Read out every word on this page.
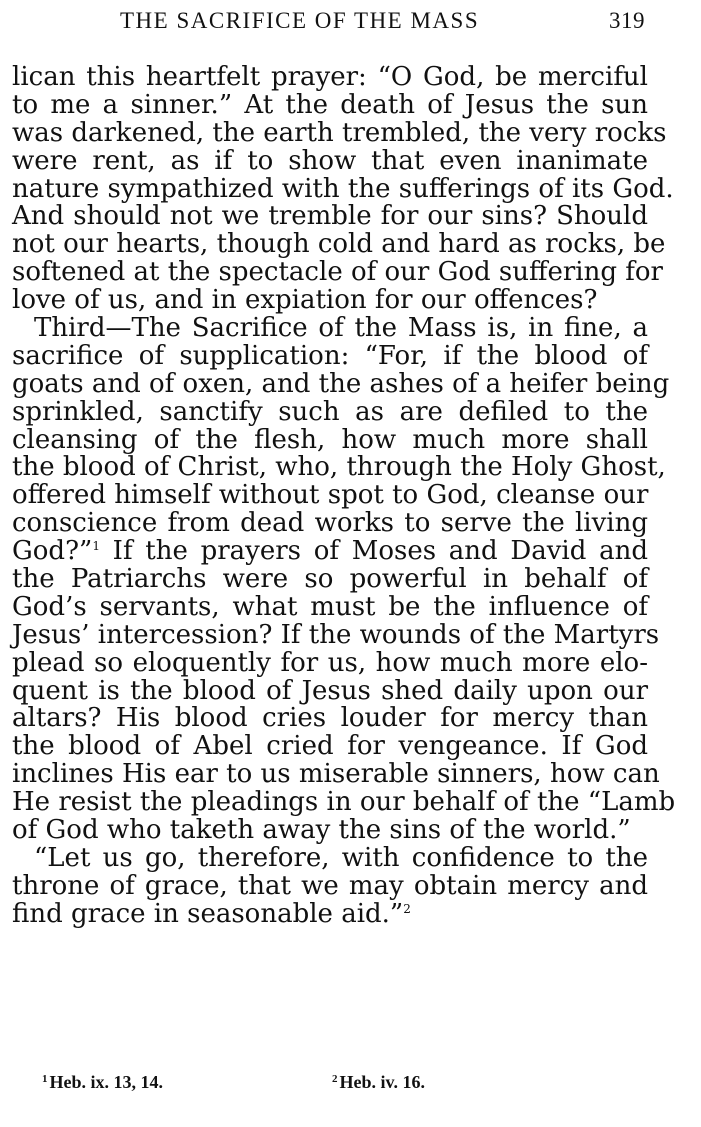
THE SACRIFICE OF THE MASS	319
lican this heartfelt prayer: “O God, be merciful
to me a sinner.” At the death of Jesus the sun
was darkened, the earth trembled, the very rocks
were rent, as if to show that even inanimate
nature sympathized with the sufferings of its God.
And should not we tremble for our sins? Should
not our hearts, though cold and hard as rocks, be
softened at the spectacle of our God suffering for
love of us, and in expiation for our offences?
Third—The Sacrifice of the Mass is, in fine, a
sacrifice of supplication: “For, if the blood of
goats and of oxen, and the ashes of a heifer being
sprinkled, sanctify such as are defiled to the
cleansing of the flesh, how much more shall
the blood of Christ, who, through the Holy Ghost,
offered himself without spot to God, cleanse our
conscience from dead works to serve the living
God?”$^1$ If the prayers of Moses and David and
the Patriarchs were so powerful in behalf of
God’s servants, what must be the influence of
Jesus’ intercession? If the wounds of the Martyrs
plead so eloquently for us, how much more elo-
quent is the blood of Jesus shed daily upon our
altars? His blood cries louder for mercy than
the blood of Abel cried for vengeance. If God
inclines His ear to us miserable sinners, how can
He resist the pleadings in our behalf of the “Lamb
of God who taketh away the sins of the world.”
“Let us go, therefore, with confidence to the
throne of grace, that we may obtain mercy and
find grace in seasonable aid.”$^2$
$^1$ Heb. ix. 13, 14.	$^2$ Heb. iv. 16.
